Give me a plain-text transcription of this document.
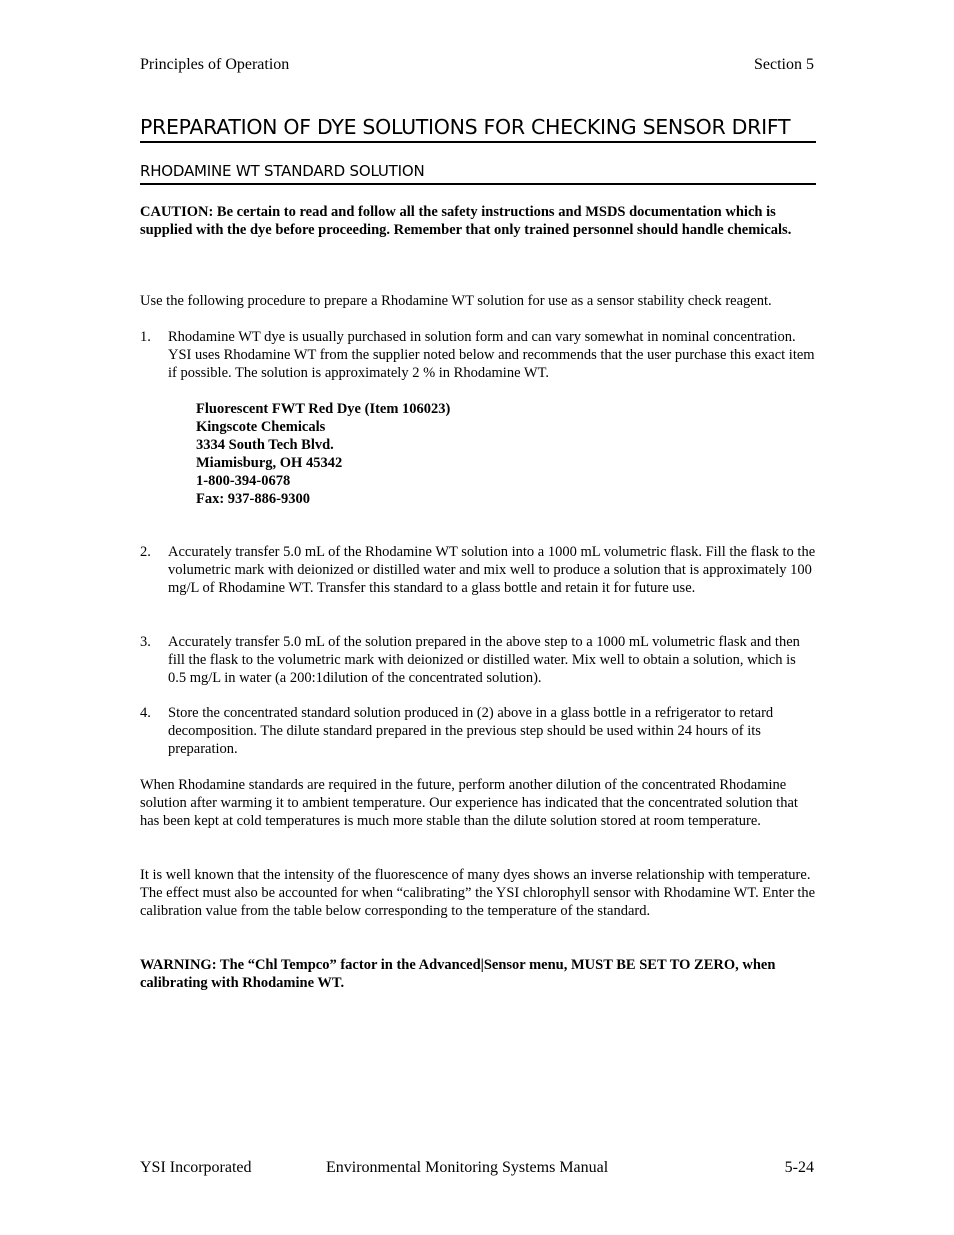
Principles of Operation	Section 5
PREPARATION OF DYE SOLUTIONS FOR CHECKING SENSOR DRIFT
RHODAMINE WT STANDARD SOLUTION
CAUTION: Be certain to read and follow all the safety instructions and MSDS documentation which is supplied with the dye before proceeding. Remember that only trained personnel should handle chemicals.
Use the following procedure to prepare a Rhodamine WT solution for use as a sensor stability check reagent.
1. Rhodamine WT dye is usually purchased in solution form and can vary somewhat in nominal concentration. YSI uses Rhodamine WT from the supplier noted below and recommends that the user purchase this exact item if possible. The solution is approximately 2 % in Rhodamine WT.
Fluorescent FWT Red Dye (Item 106023)
Kingscote Chemicals
3334 South Tech Blvd.
Miamisburg, OH 45342
1-800-394-0678
Fax: 937-886-9300
2. Accurately transfer 5.0 mL of the Rhodamine WT solution into a 1000 mL volumetric flask. Fill the flask to the volumetric mark with deionized or distilled water and mix well to produce a solution that is approximately 100 mg/L of Rhodamine WT. Transfer this standard to a glass bottle and retain it for future use.
3. Accurately transfer 5.0 mL of the solution prepared in the above step to a 1000 mL volumetric flask and then fill the flask to the volumetric mark with deionized or distilled water. Mix well to obtain a solution, which is 0.5 mg/L in water (a 200:1dilution of the concentrated solution).
4. Store the concentrated standard solution produced in (2) above in a glass bottle in a refrigerator to retard decomposition. The dilute standard prepared in the previous step should be used within 24 hours of its preparation.
When Rhodamine standards are required in the future, perform another dilution of the concentrated Rhodamine solution after warming it to ambient temperature. Our experience has indicated that the concentrated solution that has been kept at cold temperatures is much more stable than the dilute solution stored at room temperature.
It is well known that the intensity of the fluorescence of many dyes shows an inverse relationship with temperature. The effect must also be accounted for when “calibrating” the YSI chlorophyll sensor with Rhodamine WT. Enter the calibration value from the table below corresponding to the temperature of the standard.
WARNING: The “Chl Tempco” factor in the Advanced|Sensor menu, MUST BE SET TO ZERO, when calibrating with Rhodamine WT.
YSI Incorporated	Environmental Monitoring Systems Manual	5-24
